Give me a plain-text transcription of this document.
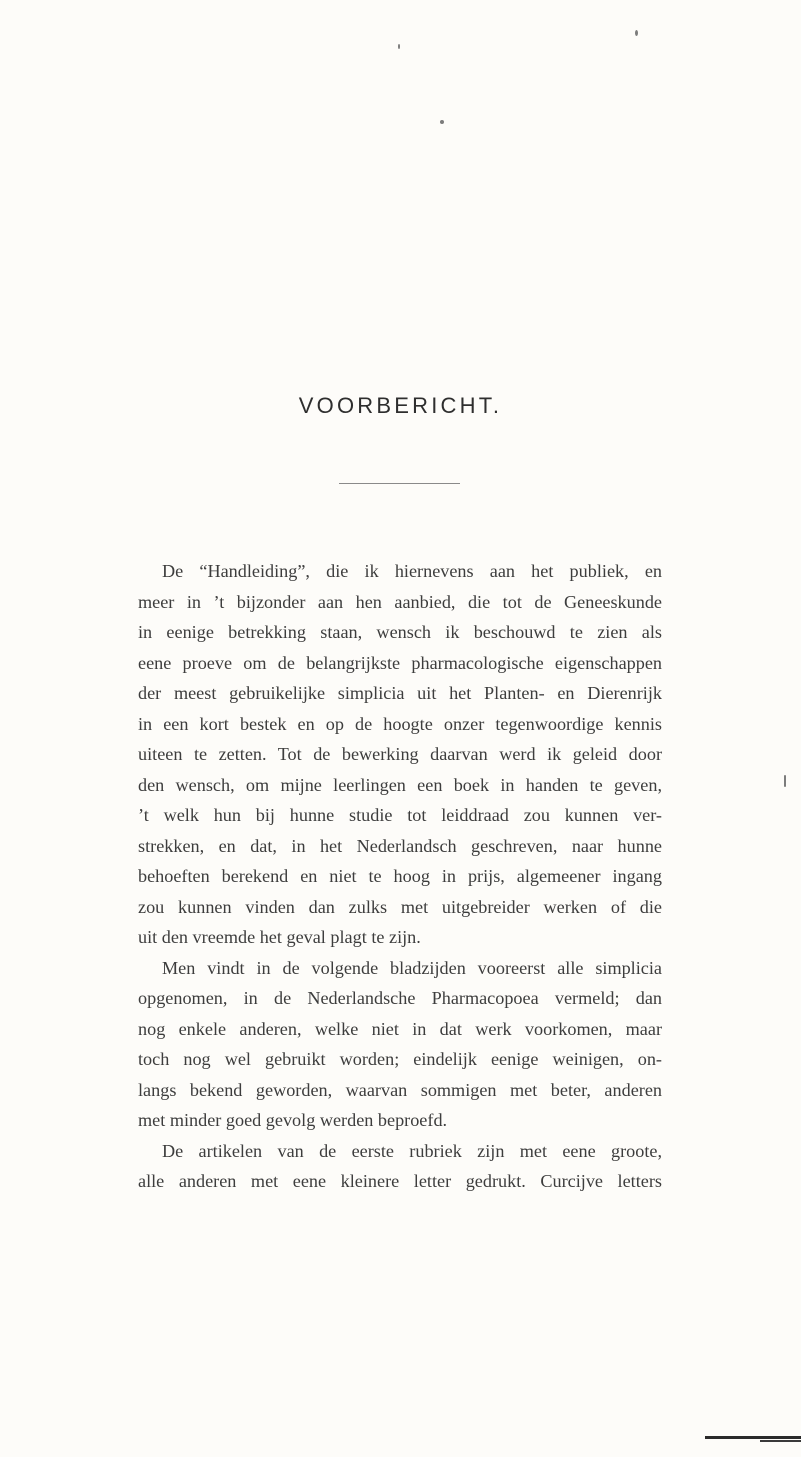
VOORBERICHT.

De “Handleiding”, die ik hiernevens aan het publiek, en

meer in ’t bijzonder aan hen aanbied, die tot de Geneeskunde

in eenige betrekking staan, wensch ik beschouwd te zien als

eene proeve om de belangrijkste pharmacologische eigenschappen

der meest gebruikelijke simplicia uit het Planten- en Dierenrijk

in een kort bestek en op de hoogte onzer tegenwoordige kennis

uiteen te zetten. Tot de bewerking daarvan werd ik geleid door

den wensch, om mijne leerlingen een boek in handen te geven,

’t welk hun bij hunne studie tot leiddraad zou kunnen ver-

strekken, en dat, in het Nederlandsch geschreven, naar hunne

behoeften berekend en niet te hoog in prijs, algemeener ingang

zou kunnen vinden dan zulks met uitgebreider werken of die

uit den vreemde het geval plagt te zijn.

Men vindt in de volgende bladzijden vooreerst alle simplicia

opgenomen, in de Nederlandsche Pharmacopoea vermeld; dan

nog enkele anderen, welke niet in dat werk voorkomen, maar

toch nog wel gebruikt worden; eindelijk eenige weinigen, on-

langs bekend geworden, waarvan sommigen met beter, anderen

met minder goed gevolg werden beproefd.

De artikelen van de eerste rubriek zijn met eene groote,

alle anderen met eene kleinere letter gedrukt. Curcijve letters
